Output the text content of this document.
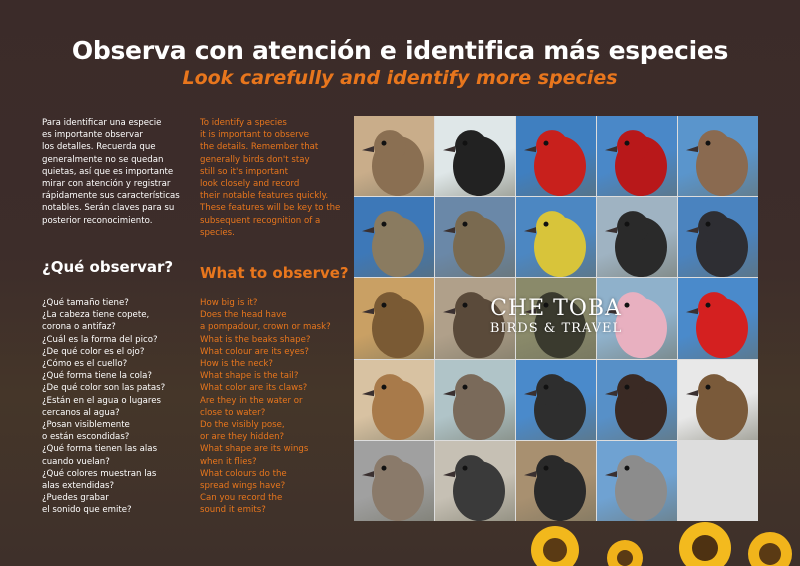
Observa con atención e identifica más especies
Look carefully and identify more species

Para identificar una especie
es importante observar
los detalles. Recuerda que
generalmente no se quedan
quietas, así que es importante
mirar con atención y registrar
rápidamente sus características
notables. Serán claves para su
posterior reconocimiento.

To identify a species
it is important to observe
the details. Remember that
generally birds don't stay
still so it's important
look closely and record
their notable features quickly.
These features will be key to the
subsequent recognition of a species.

¿Qué observar? What to observe?

¿Qué tamaño tiene?
¿La cabeza tiene copete,
corona o antifaz?
¿Cuál es la forma del pico?
¿De qué color es el ojo?
¿Cómo es el cuello?
¿Qué forma tiene la cola?
¿De qué color son las patas?
¿Están en el agua o lugares
cercanos al agua?
¿Posan visiblemente
o están escondidas?
¿Qué forma tienen las alas
cuando vuelan?
¿Qué colores muestran las
alas extendidas?
¿Puedes grabar
el sonido que emite?

How big is it?
Does the head have
a pompadour, crown or mask?
What is the beaks shape?
What colour are its eyes?
How is the neck?
What shape is the tail?
What color are its claws?
Are they in the water or
close to water?
Do the visibly pose,
or are they hidden?
What shape are its wings
when it flies?
What colours do the
spread wings have?
Can you record the
sound it emits?

CHE TOBA
BIRDS & TRAVEL
